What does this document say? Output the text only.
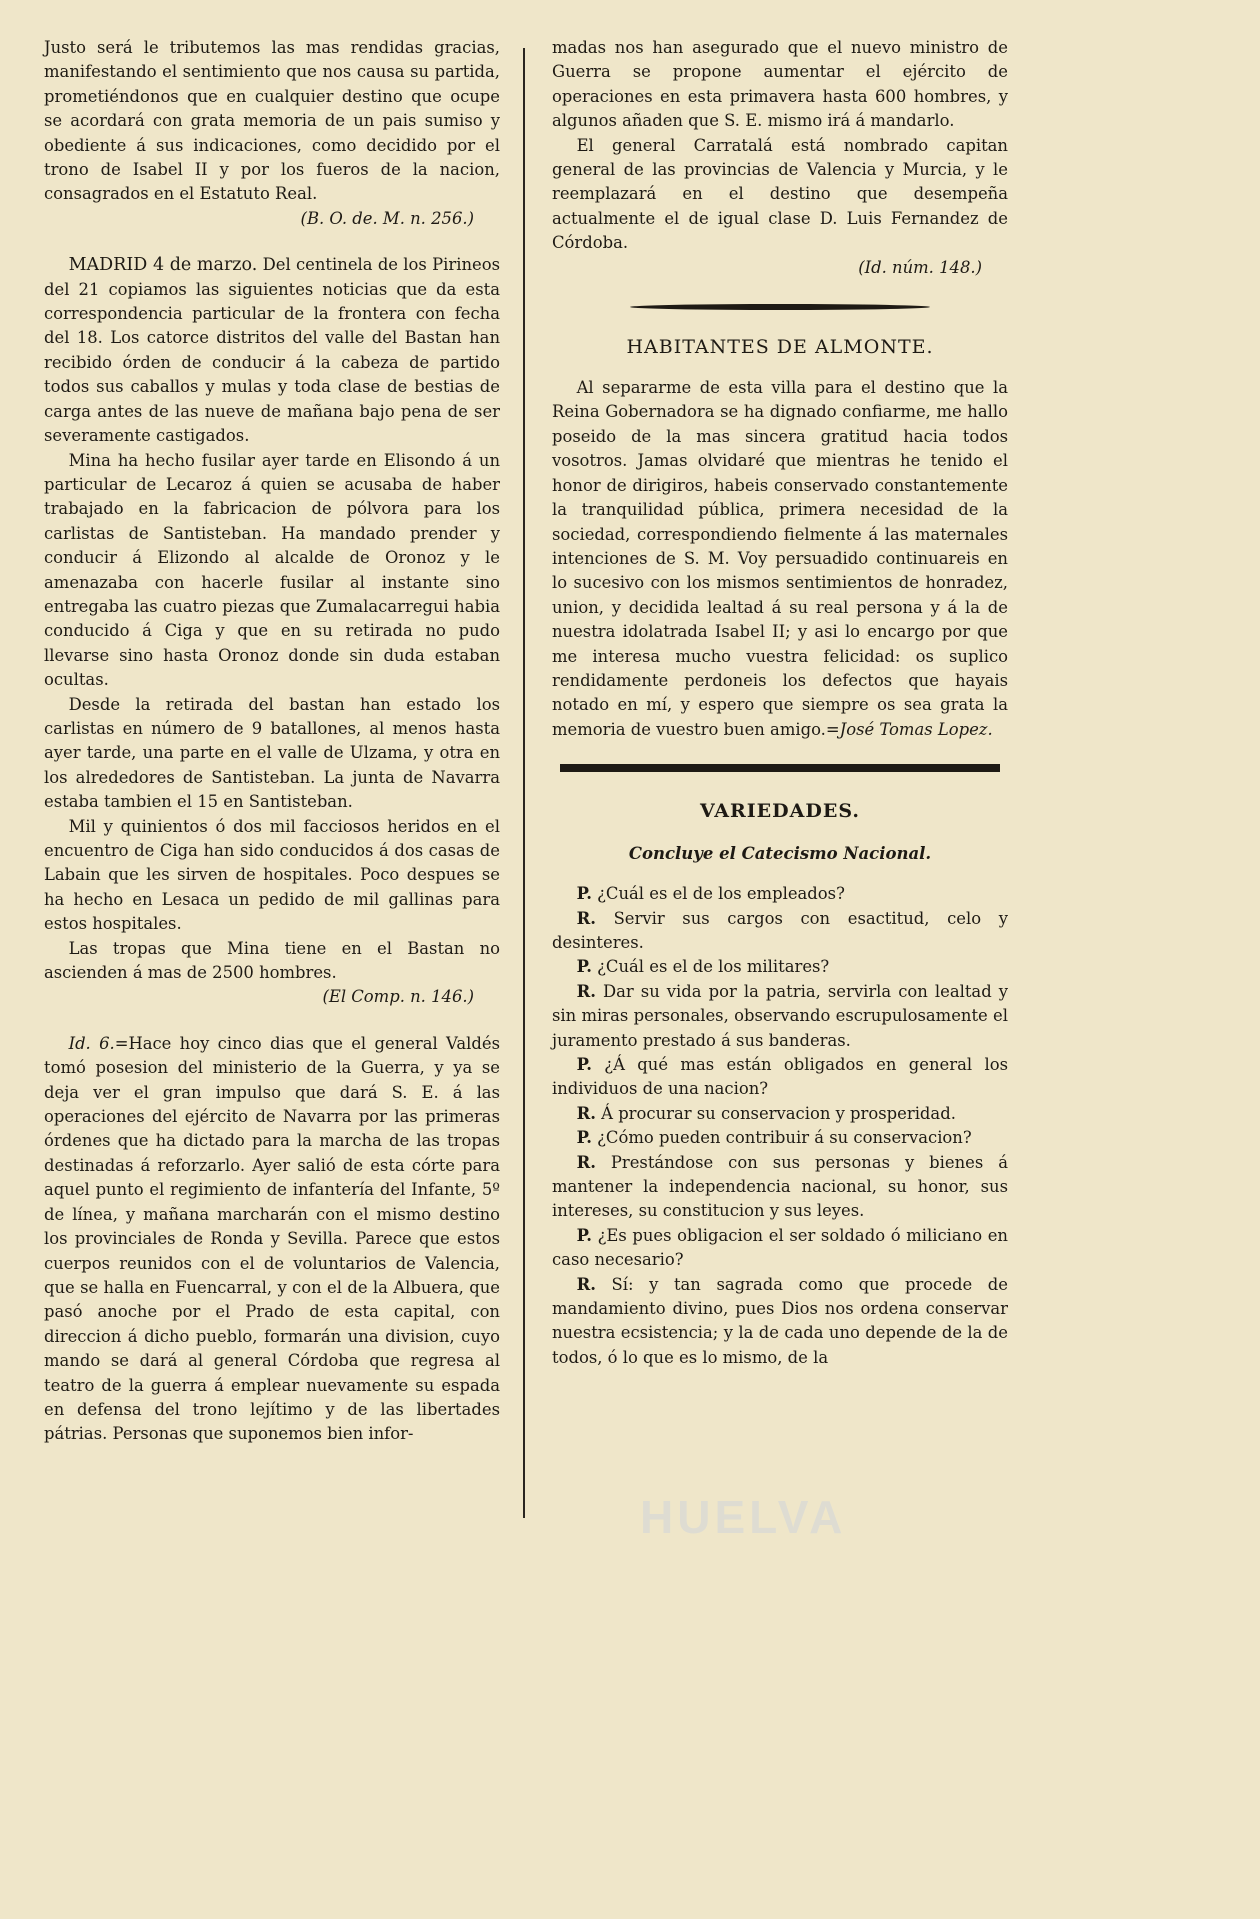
Justo será le tributemos las mas rendidas gracias, manifestando el sentimiento que nos causa su partida, prometiéndonos que en cualquier destino que ocupe se acordará con grata memoria de un pais sumiso y obediente á sus indicaciones, como decidido por el trono de Isabel II y por los fueros de la nacion, consagrados en el Estatuto Real.

(B. O. de. M. n. 256.)

MADRID 4 de marzo. Del centinela de los Pirineos del 21 copiamos las siguientes noticias que da esta correspondencia particular de la frontera con fecha del 18. Los catorce distritos del valle del Bastan han recibido órden de conducir á la cabeza de partido todos sus caballos y mulas y toda clase de bestias de carga antes de las nueve de mañana bajo pena de ser severamente castigados.

Mina ha hecho fusilar ayer tarde en Elisondo á un particular de Lecaroz á quien se acusaba de haber trabajado en la fabricacion de pólvora para los carlistas de Santisteban. Ha mandado prender y conducir á Elizondo al alcalde de Oronoz y le amenazaba con hacerle fusilar al instante sino entregaba las cuatro piezas que Zumalacarregui habia conducido á Ciga y que en su retirada no pudo llevarse sino hasta Oronoz donde sin duda estaban ocultas.

Desde la retirada del bastan han estado los carlistas en número de 9 batallones, al menos hasta ayer tarde, una parte en el valle de Ulzama, y otra en los alrededores de Santisteban. La junta de Navarra estaba tambien el 15 en Santisteban.

Mil y quinientos ó dos mil facciosos heridos en el encuentro de Ciga han sido conducidos á dos casas de Labain que les sirven de hospitales. Poco despues se ha hecho en Lesaca un pedido de mil gallinas para estos hospitales.

Las tropas que Mina tiene en el Bastan no ascienden á mas de 2500 hombres.

(El Comp. n. 146.)

Id. 6.=Hace hoy cinco dias que el general Valdés tomó posesion del ministerio de la Guerra, y ya se deja ver el gran impulso que dará S. E. á las operaciones del ejército de Navarra por las primeras órdenes que ha dictado para la marcha de las tropas destinadas á reforzarlo. Ayer salió de esta córte para aquel punto el regimiento de infantería del Infante, 5º de línea, y mañana marcharán con el mismo destino los provinciales de Ronda y Sevilla. Parece que estos cuerpos reunidos con el de voluntarios de Valencia, que se halla en Fuencarral, y con el de la Albuera, que pasó anoche por el Prado de esta capital, con direccion á dicho pueblo, formarán una division, cuyo mando se dará al general Córdoba que regresa al teatro de la guerra á emplear nuevamente su espada en defensa del trono lejítimo y de las libertades pátrias. Personas que suponemos bien infor-

madas nos han asegurado que el nuevo ministro de Guerra se propone aumentar el ejército de operaciones en esta primavera hasta 600 hombres, y algunos añaden que S. E. mismo irá á mandarlo.

El general Carratalá está nombrado capitan general de las provincias de Valencia y Murcia, y le reemplazará en el destino que desempeña actualmente el de igual clase D. Luis Fernandez de Córdoba.

(Id. núm. 148.)
HABITANTES DE ALMONTE.

Al separarme de esta villa para el destino que la Reina Gobernadora se ha dignado confiarme, me hallo poseido de la mas sincera gratitud hacia todos vosotros. Jamas olvidaré que mientras he tenido el honor de dirigiros, habeis conservado constantemente la tranquilidad pública, primera necesidad de la sociedad, correspondiendo fielmente á las maternales intenciones de S. M. Voy persuadido continuareis en lo sucesivo con los mismos sentimientos de honradez, union, y decidida lealtad á su real persona y á la de nuestra idolatrada Isabel II; y asi lo encargo por que me interesa mucho vuestra felicidad: os suplico rendidamente perdoneis los defectos que hayais notado en mí, y espero que siempre os sea grata la memoria de vuestro buen amigo.=José Tomas Lopez.

VARIEDADES.
Concluye el Catecismo Nacional.

P. ¿Cuál es el de los empleados?

R. Servir sus cargos con esactitud, celo y desinteres.

P. ¿Cuál es el de los militares?

R. Dar su vida por la patria, servirla con lealtad y sin miras personales, observando escrupulosamente el juramento prestado á sus banderas.

P. ¿Á qué mas están obligados en general los individuos de una nacion?

R. Á procurar su conservacion y prosperidad.

P. ¿Cómo pueden contribuir á su conservacion?

R. Prestándose con sus personas y bienes á mantener la independencia nacional, su honor, sus intereses, su constitucion y sus leyes.

P. ¿Es pues obligacion el ser soldado ó miliciano en caso necesario?

R. Sí: y tan sagrada como que procede de mandamiento divino, pues Dios nos ordena conservar nuestra ecsistencia; y la de cada uno depende de la de todos, ó lo que es lo mismo, de la

HUELVA
